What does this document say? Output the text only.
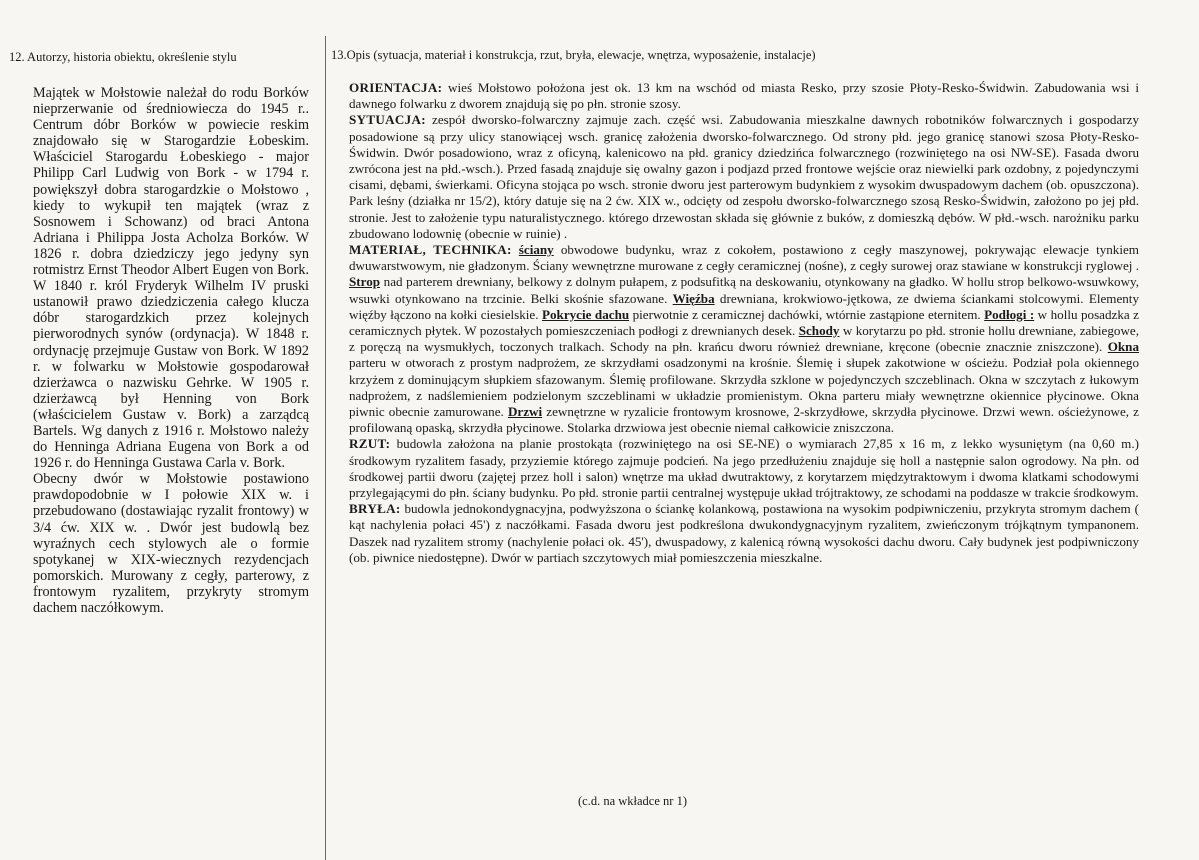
12. Autorzy, historia obiektu, określenie stylu	13.Opis (sytuacja, materiał i konstrukcja, rzut, bryła, elewacje, wnętrza, wyposażenie, instalacje)

Majątek w Mołstowie należał do rodu Borków nieprzerwanie od średniowiecza do 1945 r.. Centrum dóbr Borków w powiecie reskim znajdowało się w Starogardzie Łobeskim. Właściciel Starogardu Łobeskiego - major Philipp Carl Ludwig von Bork - w 1794 r. powiększył dobra starogardzkie o Mołstowo , kiedy to wykupił ten majątek (wraz z Sosnowem i Schowanz) od braci Antona Adriana i Philippa Josta Acholza Borków. W 1826 r. dobra dziedziczy jego jedyny syn rotmistrz Ernst Theodor Albert Eugen von Bork. W 1840 r. król Fryderyk Wilhelm IV pruski ustanowił prawo dziedziczenia całego klucza dóbr starogardzkich przez kolejnych pierworodnych synów (ordynacja). W 1848 r. ordynację przejmuje Gustaw von Bork. W 1892 r. w folwarku w Mołstowie gospodarował dzierżawca o nazwisku Gehrke. W 1905 r. dzierżawcą był Henning von Bork (właścicielem Gustaw v. Bork) a zarządcą Bartels. Wg danych z 1916 r. Mołstowo należy do Henninga Adriana Eugena von Bork a od 1926 r. do Henninga Gustawa Carla v. Bork.

Obecny dwór w Mołstowie postawiono prawdopodobnie w I połowie XIX w. i przebudowano (dostawiając ryzalit frontowy) w 3/4 ćw. XIX w. . Dwór jest budowlą bez wyraźnych cech stylowych ale o formie spotykanej w XIX-wiecznych rezydencjach pomorskich. Murowany z cegły, parterowy, z frontowym ryzalitem, przykryty stromym dachem naczółkowym.

ORIENTACJA: wieś Mołstowo położona jest ok. 13 km na wschód od miasta Resko, przy szosie Płoty-Resko-Świdwin. Zabudowania wsi i dawnego folwarku z dworem znajdują się po płn. stronie szosy.

SYTUACJA: zespół dworsko-folwarczny zajmuje zach. część wsi. Zabudowania mieszkalne dawnych robotników folwarcznych i gospodarzy posadowione są przy ulicy stanowiącej wsch. granicę założenia dworsko-folwarcznego. Od strony płd. jego granicę stanowi szosa Płoty-Resko-Świdwin. Dwór posadowiono, wraz z oficyną, kalenicowo na płd. granicy dziedzińca folwarcznego (rozwiniętego na osi NW-SE). Fasada dworu zwrócona jest na płd.-wsch.). Przed fasadą znajduje się owalny gazon i podjazd przed frontowe wejście oraz niewielki park ozdobny, z pojedynczymi cisami, dębami, świerkami. Oficyna stojąca po wsch. stronie dworu jest parterowym budynkiem z wysokim dwuspadowym dachem (ob. opuszczona). Park leśny (działka nr 15/2), który datuje się na 2 ćw. XIX w., odcięty od zespołu dworsko-folwarcznego szosą Resko-Świdwin, założono po jej płd. stronie. Jest to założenie typu naturalistycznego. którego drzewostan składa się głównie z buków, z domieszką dębów. W płd.-wsch. narożniku parku zbudowano lodownię (obecnie w ruinie) .

MATERIAŁ, TECHNIKA: ściany obwodowe budynku, wraz z cokołem, postawiono z cegły maszynowej, pokrywając elewacje tynkiem dwuwarstwowym, nie gładzonym. Ściany wewnętrzne murowane z cegły ceramicznej (nośne), z cegły surowej oraz stawiane w konstrukcji ryglowej . Strop nad parterem drewniany, belkowy z dolnym pułapem, z podsufitką na deskowaniu, otynkowany na gładko. W hollu strop belkowo-wsuwkowy, wsuwki otynkowano na trzcinie. Belki skośnie sfazowane. Więźba drewniana, krokwiowo-jętkowa, ze dwiema ściankami stolcowymi. Elementy więźby łączono na kołki ciesielskie. Pokrycie dachu pierwotnie z ceramicznej dachówki, wtórnie zastąpione eternitem. Podłogi : w hollu posadzka z ceramicznych płytek. W pozostałych pomieszczeniach podłogi z drewnianych desek. Schody w korytarzu po płd. stronie hollu drewniane, zabiegowe, z poręczą na wysmukłych, toczonych tralkach. Schody na płn. krańcu dworu również drewniane, kręcone (obecnie znacznie zniszczone). Okna parteru w otworach z prostym nadprożem, ze skrzydłami osadzonymi na krośnie. Ślemię i słupek zakotwione w ościeżu. Podział pola okiennego krzyżem z dominującym słupkiem sfazowanym. Ślemię profilowane. Skrzydła szklone w pojedynczych szczeblinach. Okna w szczytach z łukowym nadprożem, z nadślemieniem podzielonym szczeblinami w układzie promienistym. Okna parteru miały wewnętrzne okiennice płycinowe. Okna piwnic obecnie zamurowane. Drzwi zewnętrzne w ryzalicie frontowym krosnowe, 2-skrzydłowe, skrzydła płycinowe. Drzwi wewn. ościeżynowe, z profilowaną opaską, skrzydła płycinowe. Stolarka drzwiowa jest obecnie niemal całkowicie zniszczona.

RZUT: budowla założona na planie prostokąta (rozwiniętego na osi SE-NE) o wymiarach 27,85 x 16 m, z lekko wysuniętym (na 0,60 m.) środkowym ryzalitem fasady, przyziemie którego zajmuje podcień. Na jego przedłużeniu znajduje się holl a następnie salon ogrodowy. Na płn. od środkowej partii dworu (zajętej przez holl i salon) wnętrze ma układ dwutraktowy, z korytarzem międzytraktowym i dwoma klatkami schodowymi przylegającymi do płn. ściany budynku. Po płd. stronie partii centralnej występuje układ trójtraktowy, ze schodami na poddasze w trakcie środkowym.

BRYŁA: budowla jednokondygnacyjna, podwyższona o ściankę kolankową, postawiona na wysokim podpiwniczeniu, przykryta stromym dachem ( kąt nachylenia połaci 45') z naczółkami. Fasada dworu jest podkreślona dwukondygnacyjnym ryzalitem, zwieńczonym trójkątnym tympanonem. Daszek nad ryzalitem stromy (nachylenie połaci ok. 45'), dwuspadowy, z kalenicą równą wysokości dachu dworu. Cały budynek jest podpiwniczony (ob. piwnice niedostępne). Dwór w partiach szczytowych miał pomieszczenia mieszkalne.

(c.d. na wkładce nr 1)
